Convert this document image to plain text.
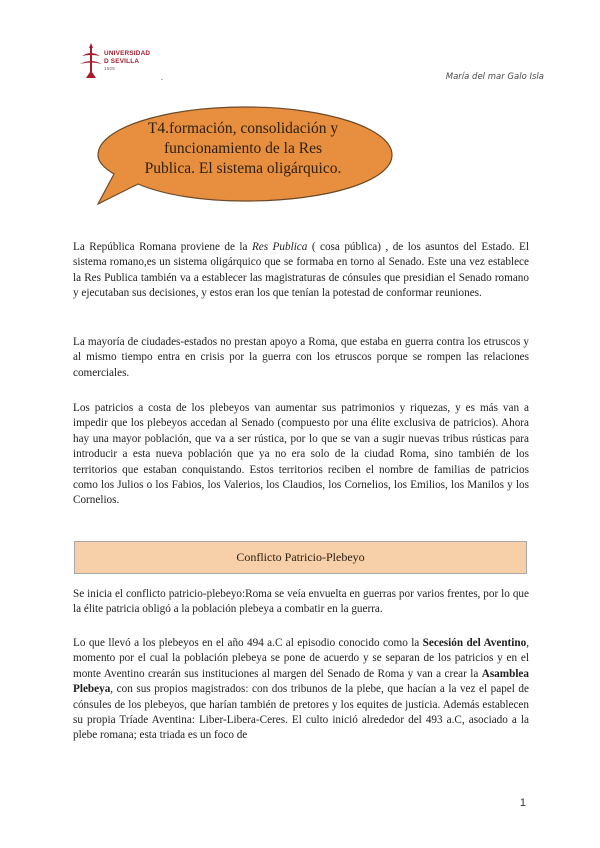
UNIVERSIDAD
D SEVILLA
1505
.	María del mar Galo Isla
T4.formación, consolidación y
funcionamiento de la Res
Publica. El sistema oligárquico.

La República Romana proviene de la Res Publica ( cosa pública) , de los asuntos del Estado. El sistema romano,es un sistema oligárquico que se formaba en torno al Senado. Este una vez establece la Res Publica también va a establecer las magistraturas de cónsules que presidian el Senado romano y ejecutaban sus decisiones, y estos eran los que tenían la potestad de conformar reuniones.

La mayoría de ciudades-estados no prestan apoyo a Roma, que estaba en guerra contra los etruscos y al mismo tiempo entra en crisis por la guerra con los etruscos porque se rompen las relaciones comerciales.

Los patricios a costa de los plebeyos van aumentar sus patrimonios y riquezas, y es más van a impedir que los plebeyos accedan al Senado (compuesto por una élite exclusiva de patricios). Ahora hay una mayor población, que va a ser rústica, por lo que se van a sugir nuevas tribus rústicas para introducir a esta nueva población que ya no era solo de la ciudad Roma, sino también de los territorios que estaban conquistando. Estos territorios reciben el nombre de familias de patricios como los Julios o los Fabios, los Valerios, los Claudios, los Cornelios, los Emilios, los Manilos y los Cornelios.

Conflicto Patricio-Plebeyo

Se inicia el conflicto patricio-plebeyo:Roma se veía envuelta en guerras por varios frentes, por lo que la élite patricia obligó a la población plebeya a combatir en la guerra.

Lo que llevó a los plebeyos en el año 494 a.C al episodio conocido como la Secesión del Aventino, momento por el cual la población plebeya se pone de acuerdo y se separan de los patricios y en el monte Aventino crearán sus instituciones al margen del Senado de Roma y van a crear la Asamblea Plebeya, con sus propios magistrados: con dos tribunos de la plebe, que hacían a la vez el papel de cónsules de los plebeyos, que harían también de pretores y los equites de justicia. Además establecen su propia Tríade Aventina: Liber-Libera-Ceres. El culto inició alrededor del 493 a.C, asociado a la plebe romana; esta triada es un foco de

1
